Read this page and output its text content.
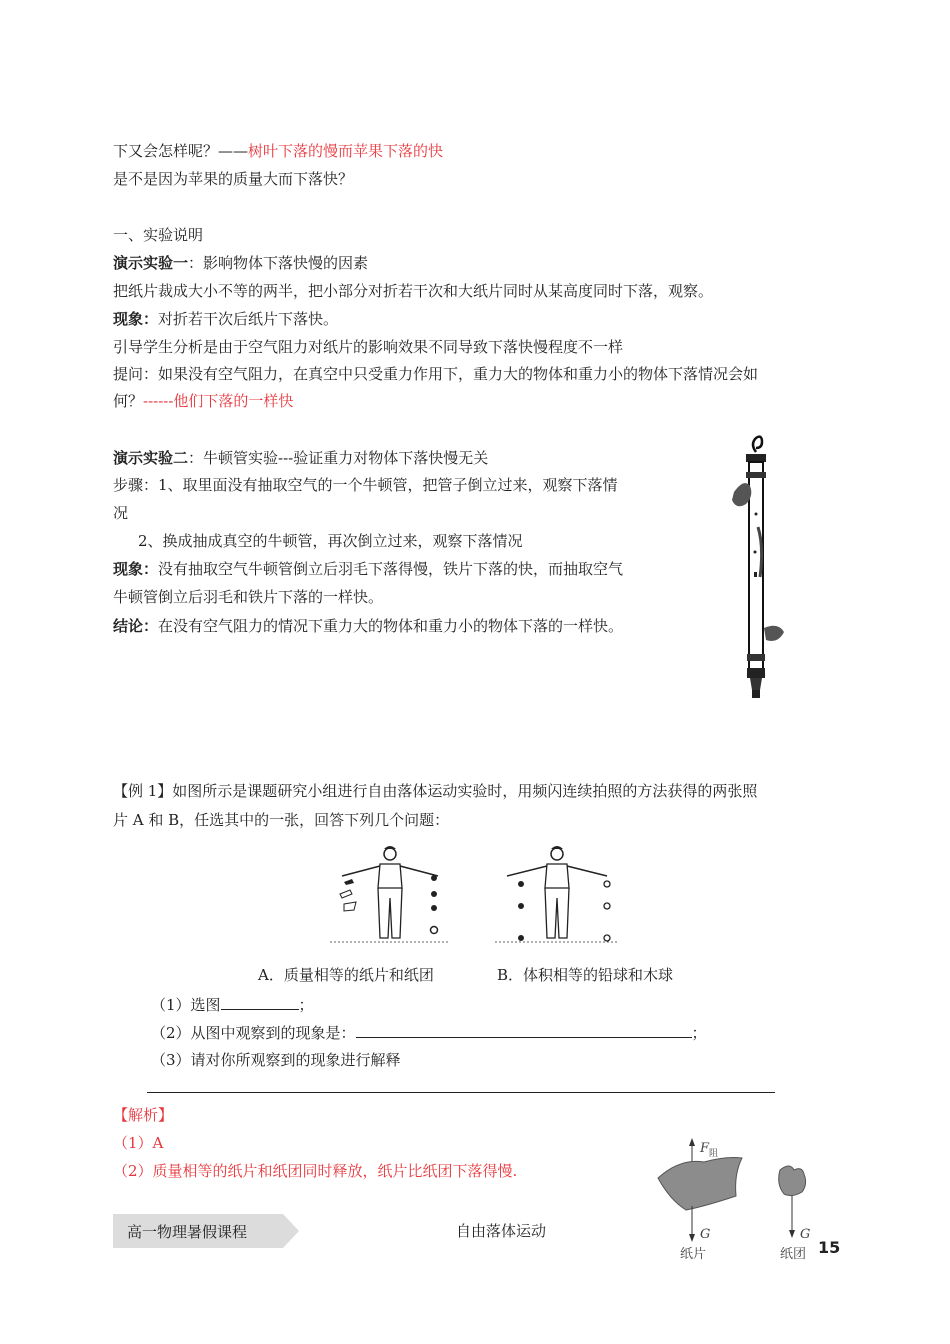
下又会怎样呢？——树叶下落的慢而苹果下落的快
是不是因为苹果的质量大而下落快？
一、实验说明
演示实验一：影响物体下落快慢的因素
把纸片裁成大小不等的两半，把小部分对折若干次和大纸片同时从某高度同时下落，观察。
现象：对折若干次后纸片下落快。
引导学生分析是由于空气阻力对纸片的影响效果不同导致下落快慢程度不一样
提问：如果没有空气阻力，在真空中只受重力作用下，重力大的物体和重力小的物体下落情况会如
何？------他们下落的一样快
演示实验二：牛顿管实验---验证重力对物体下落快慢无关
步骤：1、取里面没有抽取空气的一个牛顿管，把管子倒立过来，观察下落情
况
2、换成抽成真空的牛顿管，再次倒立过来，观察下落情况
现象：没有抽取空气牛顿管倒立后羽毛下落得慢，铁片下落的快，而抽取空气
牛顿管倒立后羽毛和铁片下落的一样快。
结论：在没有空气阻力的情况下重力大的物体和重力小的物体下落的一样快。
【例 1】如图所示是课题研究小组进行自由落体运动实验时，用频闪连续拍照的方法获得的两张照
片 A 和 B，任选其中的一张，回答下列几个问题：
A．质量相等的纸片和纸团	B．体积相等的铅球和木球
（1）选图	；
（2）从图中观察到的现象是：	；
（3）请对你所观察到的现象进行解释
【解析】
（1）A
（2）质量相等的纸片和纸团同时释放，纸片比纸团下落得慢.
F 阻
G
纸片
G
纸团
高一物理暑假课程	自由落体运动
15
